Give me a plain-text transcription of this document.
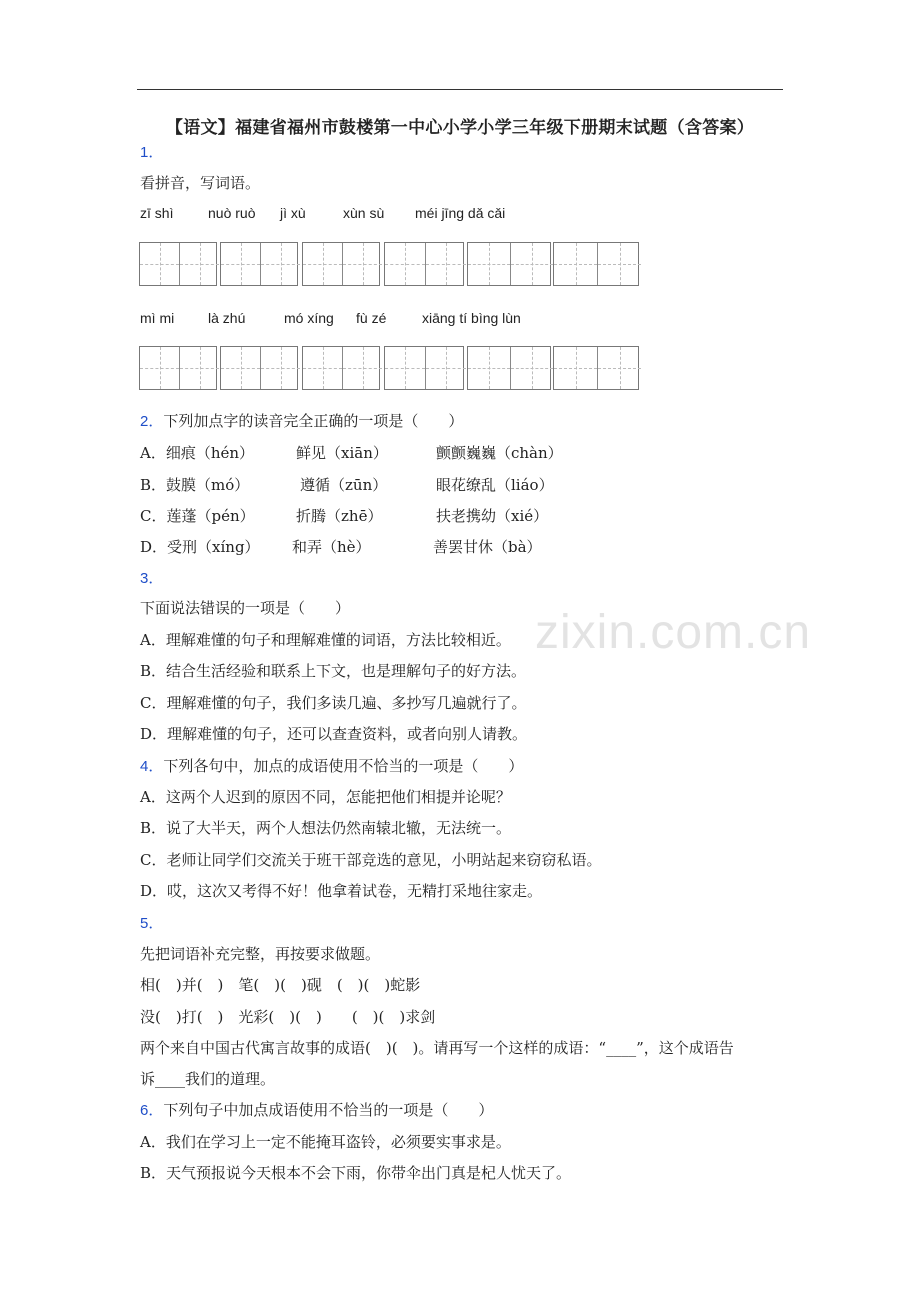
【语文】福建省福州市鼓楼第一中心小学小学三年级下册期末试题（含答案）
zixin.com.cn
1．
看拼音，写词语。
zī shì nuò ruò jì xù	xùn sù méi jīng dǎ cǎi
mì mi là zhú	mó xíng fù zé	xiāng tí bìng lùn
2．下列加点字的读音完全正确的一项是（　　）
A．细痕（hén）	鲜见（xiān）	颤颤巍巍（chàn）
B．鼓膜（mó）	遵循（zūn）	眼花缭乱（liáo）
C．莲蓬（pén）	折腾（zhē）	扶老携幼（xié）
D．受刑（xíng） 和弄（hè）	善罢甘休（bà）
3．
下面说法错误的一项是（　　）
A．理解难懂的句子和理解难懂的词语，方法比较相近。
B．结合生活经验和联系上下文，也是理解句子的好方法。
C．理解难懂的句子，我们多读几遍、多抄写几遍就行了。
D．理解难懂的句子，还可以查查资料，或者向别人请教。
4．下列各句中，加点的成语使用不恰当的一项是（　　）
A．这两个人迟到的原因不同，怎能把他们相提并论呢？
B．说了大半天，两个人想法仍然南辕北辙，无法统一。
C．老师让同学们交流关于班干部竞选的意见，小明站起来窃窃私语。
D．哎，这次又考得不好！他拿着试卷，无精打采地往家走。
5．
先把词语补充完整，再按要求做题。
相(　)并(　)　笔(　)(　)砚　(　)(　)蛇影
没(　)打(　)　光彩(　)(　)　　(　)(　)求剑
两个来自中国古代寓言故事的成语(　)(　)。请再写一个这样的成语：“____”，这个成语告
诉____我们的道理。
6．下列句子中加点成语使用不恰当的一项是（　　）
A．我们在学习上一定不能掩耳盗铃，必须要实事求是。
B．天气预报说今天根本不会下雨，你带伞出门真是杞人忧天了。
